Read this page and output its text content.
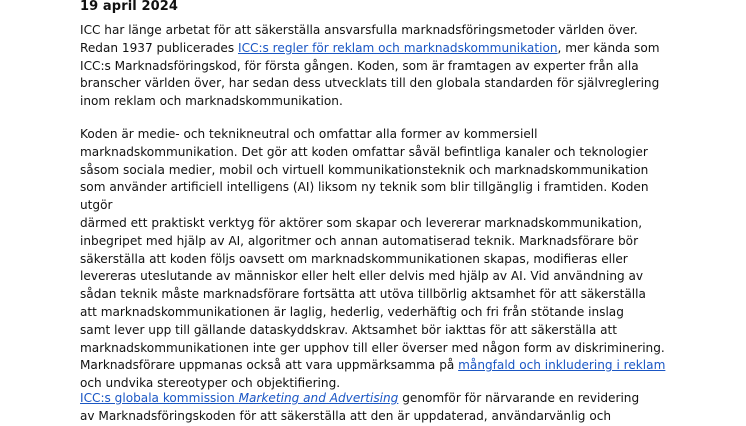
19 april 2024

ICC har länge arbetat för att säkerställa ansvarsfulla marknadsföringsmetoder världen över.
Redan 1937 publicerades ICC:s regler för reklam och marknadskommunikation, mer kända som
ICC:s Marknadsföringskod, för första gången. Koden, som är framtagen av experter från alla
branscher världen över, har sedan dess utvecklats till den globala standarden för självreglering
inom reklam och marknadskommunikation.

Koden är medie- och teknikneutral och omfattar alla former av kommersiell
marknadskommunikation. Det gör att koden omfattar såväl befintliga kanaler och teknologier
såsom sociala medier, mobil och virtuell kommunikationsteknik och marknadskommunikation
som använder artificiell intelligens (AI) liksom ny teknik som blir tillgänglig i framtiden. Koden utgör
därmed ett praktiskt verktyg för aktörer som skapar och levererar marknadskommunikation,
inbegripet med hjälp av AI, algoritmer och annan automatiserad teknik. Marknadsförare bör
säkerställa att koden följs oavsett om marknadskommunikationen skapas, modifieras eller
levereras uteslutande av människor eller helt eller delvis med hjälp av AI. Vid användning av
sådan teknik måste marknadsförare fortsätta att utöva tillbörlig aktsamhet för att säkerställa
att marknadskommunikationen är laglig, hederlig, vederhäftig och fri från stötande inslag
samt lever upp till gällande dataskyddskrav. Aktsamhet bör iakttas för att säkerställa att
marknadskommunikationen inte ger upphov till eller överser med någon form av diskriminering.
Marknadsförare uppmanas också att vara uppmärksamma på mångfald och inkludering i reklam
och undvika stereotyper och objektifiering.

ICC:s globala kommission Marketing and Advertising genomför för närvarande en revidering
av Marknadsföringskoden för att säkerställa att den är uppdaterad, användarvänlig och
